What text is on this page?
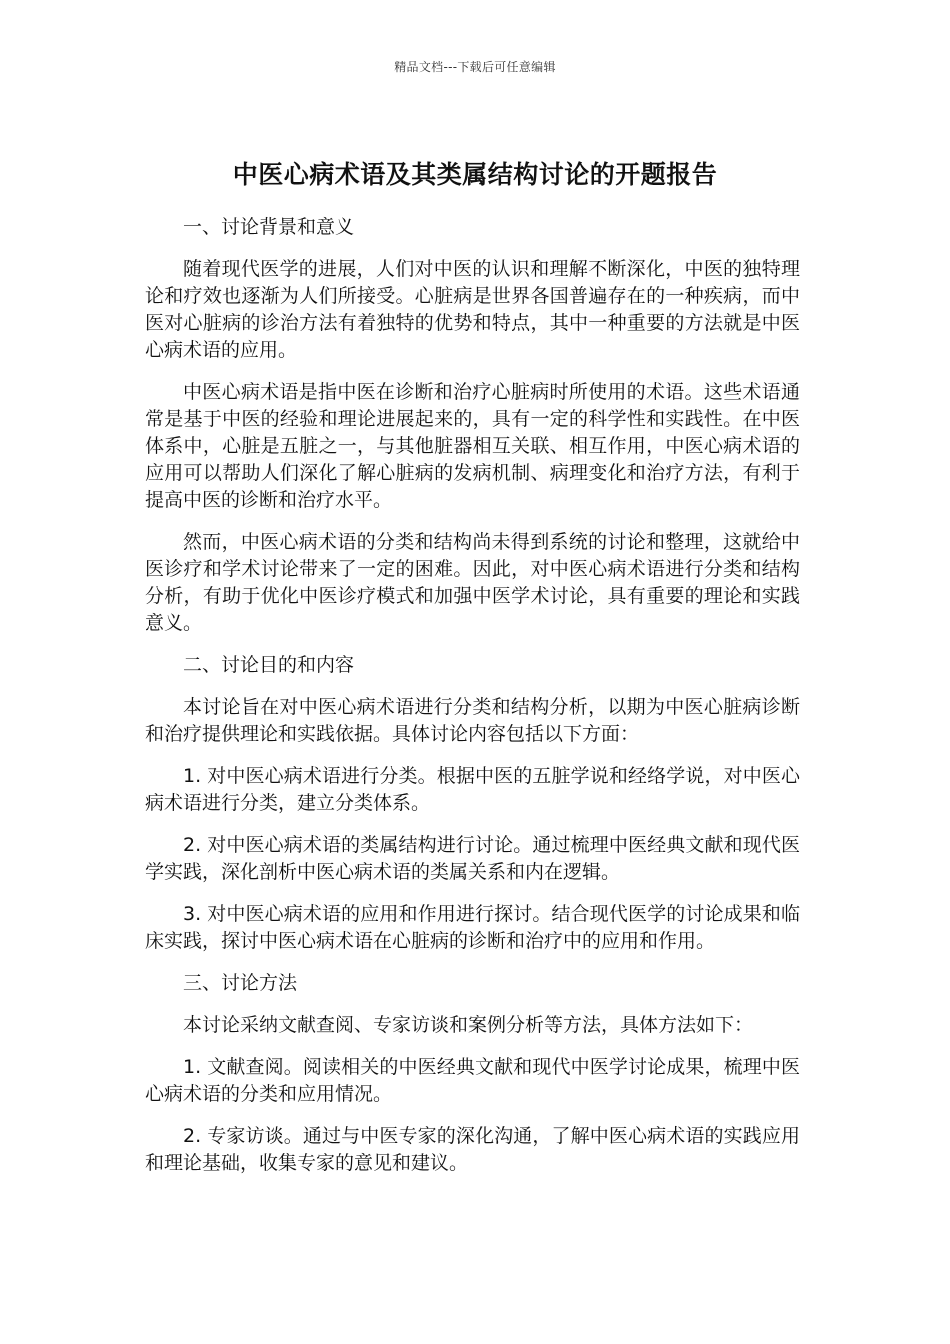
精品文档---下载后可任意编辑
中医心病术语及其类属结构讨论的开题报告

一、讨论背景和意义

随着现代医学的进展，人们对中医的认识和理解不断深化，中医的独特理论和疗效也逐渐为人们所接受。心脏病是世界各国普遍存在的一种疾病，而中医对心脏病的诊治方法有着独特的优势和特点，其中一种重要的方法就是中医心病术语的应用。

中医心病术语是指中医在诊断和治疗心脏病时所使用的术语。这些术语通常是基于中医的经验和理论进展起来的，具有一定的科学性和实践性。在中医体系中，心脏是五脏之一，与其他脏器相互关联、相互作用，中医心病术语的应用可以帮助人们深化了解心脏病的发病机制、病理变化和治疗方法，有利于提高中医的诊断和治疗水平。

然而，中医心病术语的分类和结构尚未得到系统的讨论和整理，这就给中医诊疗和学术讨论带来了一定的困难。因此，对中医心病术语进行分类和结构分析，有助于优化中医诊疗模式和加强中医学术讨论，具有重要的理论和实践意义。

二、讨论目的和内容

本讨论旨在对中医心病术语进行分类和结构分析，以期为中医心脏病诊断和治疗提供理论和实践依据。具体讨论内容包括以下方面：

1. 对中医心病术语进行分类。根据中医的五脏学说和经络学说，对中医心病术语进行分类，建立分类体系。

2. 对中医心病术语的类属结构进行讨论。通过梳理中医经典文献和现代医学实践，深化剖析中医心病术语的类属关系和内在逻辑。

3. 对中医心病术语的应用和作用进行探讨。结合现代医学的讨论成果和临床实践，探讨中医心病术语在心脏病的诊断和治疗中的应用和作用。

三、讨论方法

本讨论采纳文献查阅、专家访谈和案例分析等方法，具体方法如下：

1. 文献查阅。阅读相关的中医经典文献和现代中医学讨论成果，梳理中医心病术语的分类和应用情况。

2. 专家访谈。通过与中医专家的深化沟通，了解中医心病术语的实践应用和理论基础，收集专家的意见和建议。
